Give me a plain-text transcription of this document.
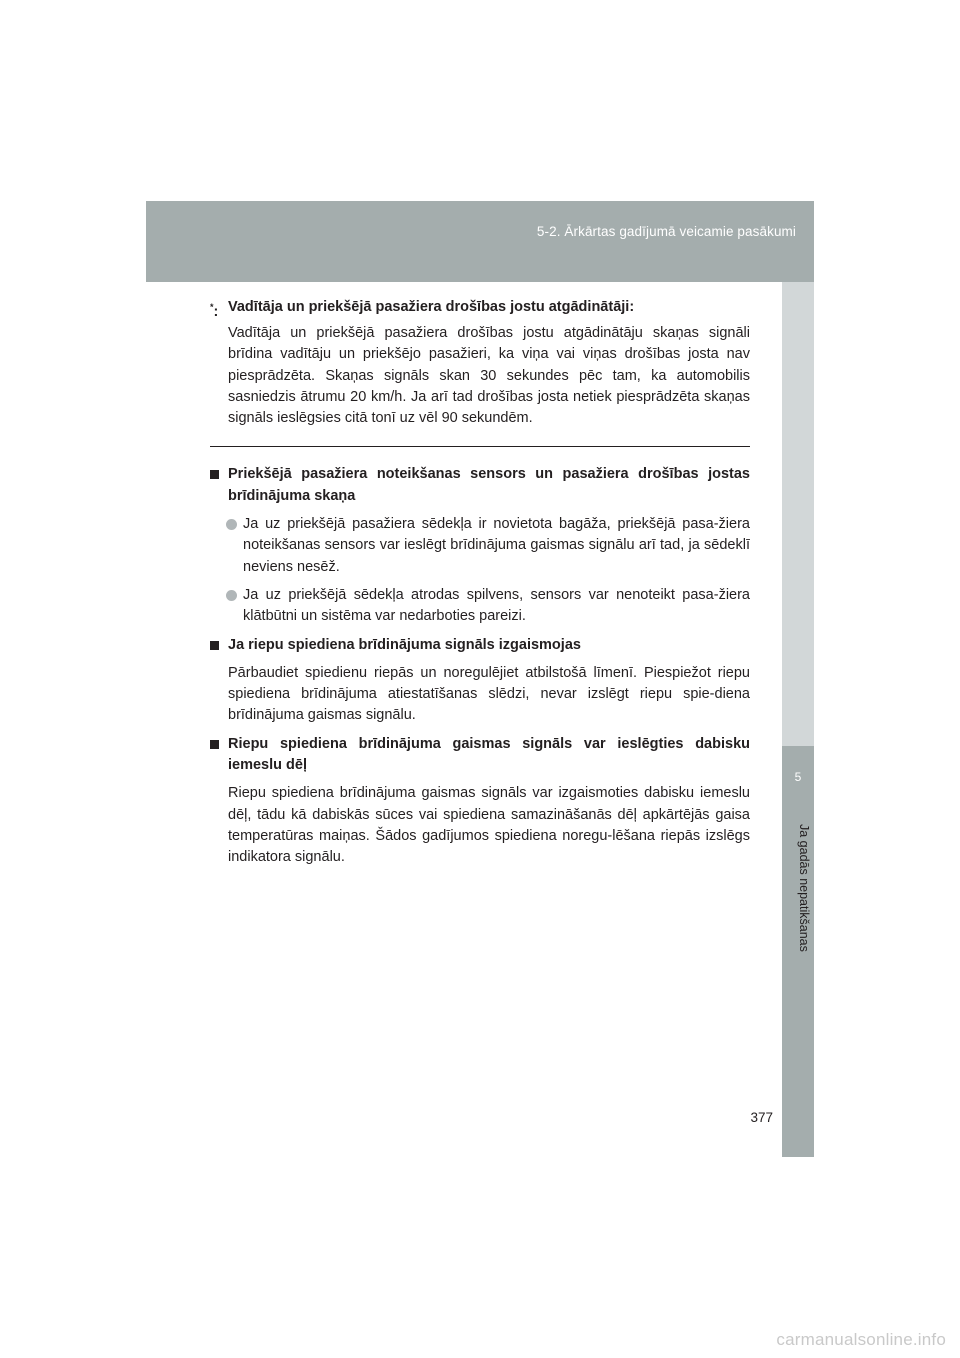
5-2. Ārkārtas gadījumā veicamie pasākumi
5
Ja gadās nepatikšanas
*: Vadītāja un priekšējā pasažiera drošības jostu atgādinātāji:

Vadītāja un priekšējā pasažiera drošības jostu atgādinātāju skaņas signāli brīdina vadītāju un priekšējo pasažieri, ka viņa vai viņas drošības josta nav piesprādzēta. Skaņas signāls skan 30 sekundes pēc tam, ka automobilis sasniedzis ātrumu 20 km/h. Ja arī tad drošības josta netiek piesprādzēta skaņas signāls ieslēgsies citā tonī uz vēl 90 sekundēm.

Priekšējā pasažiera noteikšanas sensors un pasažiera drošības jostas brīdinājuma skaņa

Ja uz priekšējā pasažiera sēdekļa ir novietota bagāža, priekšējā pasa-žiera noteikšanas sensors var ieslēgt brīdinājuma gaismas signālu arī tad, ja sēdeklī neviens nesēž.

Ja uz priekšējā sēdekļa atrodas spilvens, sensors var nenoteikt pasa-žiera klātbūtni un sistēma var nedarboties pareizi.

Ja riepu spiediena brīdinājuma signāls izgaismojas

Pārbaudiet spiedienu riepās un noregulējiet atbilstošā līmenī. Piespiežot riepu spiediena brīdinājuma atiestatīšanas slēdzi, nevar izslēgt riepu spie-diena brīdinājuma gaismas signālu.

Riepu spiediena brīdinājuma gaismas signāls var ieslēgties dabisku iemeslu dēļ

Riepu spiediena brīdinājuma gaismas signāls var izgaismoties dabisku iemeslu dēļ, tādu kā dabiskās sūces vai spiediena samazināšanās dēļ apkārtējās gaisa temperatūras maiņas. Šādos gadījumos spiediena noregu-lēšana riepās izslēgs indikatora signālu.

377
carmanualsonline.info
